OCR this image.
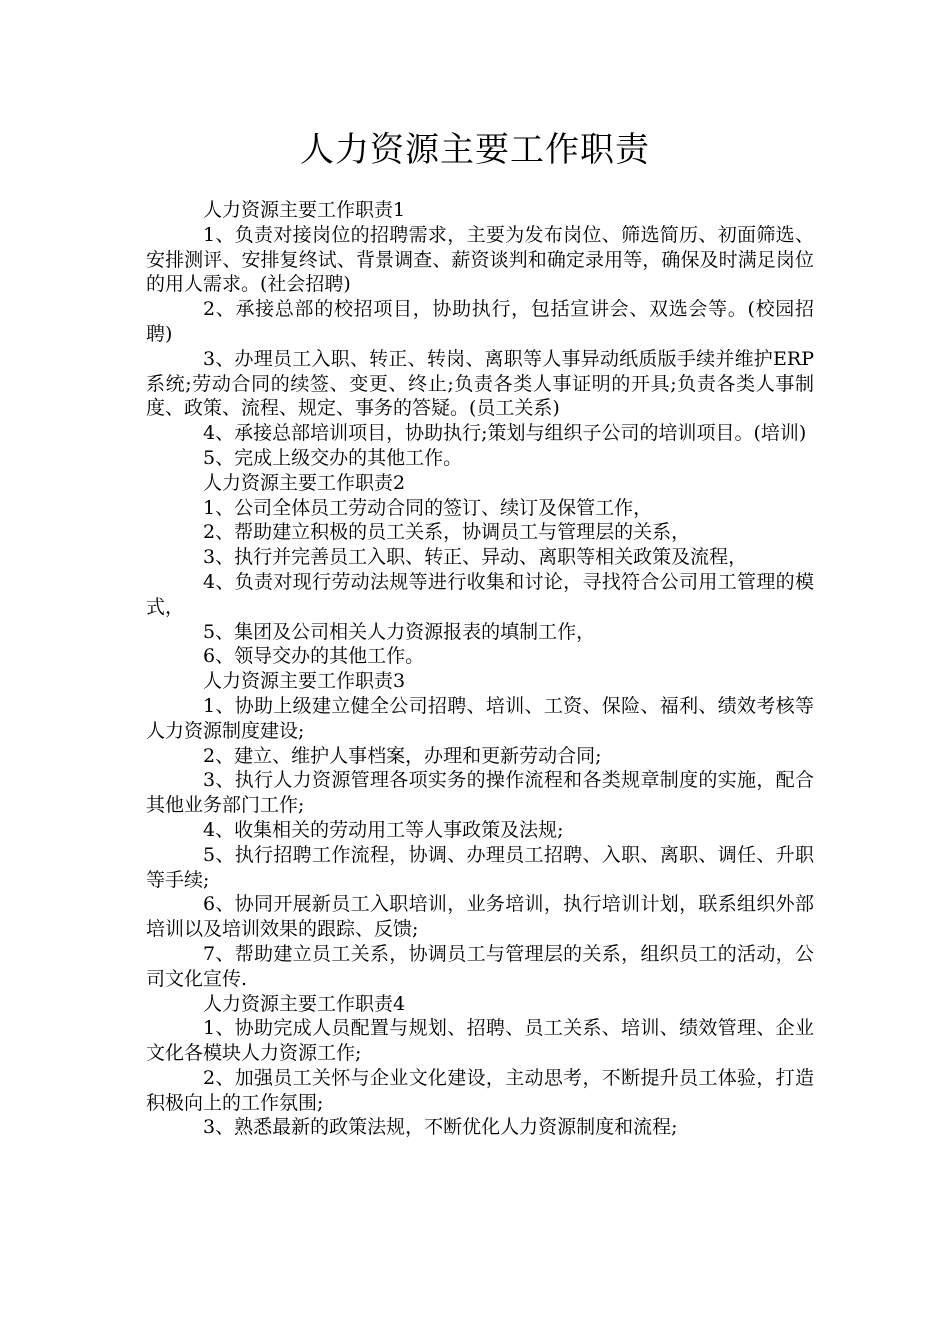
人力资源主要工作职责

人力资源主要工作职责1

1、负责对接岗位的招聘需求，主要为发布岗位、筛选简历、初面筛选、安排测评、安排复终试、背景调查、薪资谈判和确定录用等，确保及时满足岗位的用人需求。(社会招聘)

2、承接总部的校招项目，协助执行，包括宣讲会、双选会等。(校园招聘)

3、办理员工入职、转正、转岗、离职等人事异动纸质版手续并维护ERP系统;劳动合同的续签、变更、终止;负责各类人事证明的开具;负责各类人事制度、政策、流程、规定、事务的答疑。(员工关系)

4、承接总部培训项目，协助执行;策划与组织子公司的培训项目。(培训)

5、完成上级交办的其他工作。

人力资源主要工作职责2

1、公司全体员工劳动合同的签订、续订及保管工作，

2、帮助建立积极的员工关系，协调员工与管理层的关系，

3、执行并完善员工入职、转正、异动、离职等相关政策及流程，

4、负责对现行劳动法规等进行收集和讨论，寻找符合公司用工管理的模式，

5、集团及公司相关人力资源报表的填制工作，

6、领导交办的其他工作。

人力资源主要工作职责3

1、协助上级建立健全公司招聘、培训、工资、保险、福利、绩效考核等人力资源制度建设;

2、建立、维护人事档案，办理和更新劳动合同;

3、执行人力资源管理各项实务的操作流程和各类规章制度的实施，配合其他业务部门工作;

4、收集相关的劳动用工等人事政策及法规;

5、执行招聘工作流程，协调、办理员工招聘、入职、离职、调任、升职等手续;

6、协同开展新员工入职培训，业务培训，执行培训计划，联系组织外部培训以及培训效果的跟踪、反馈;

7、帮助建立员工关系，协调员工与管理层的关系，组织员工的活动，公司文化宣传.

人力资源主要工作职责4

1、协助完成人员配置与规划、招聘、员工关系、培训、绩效管理、企业文化各模块人力资源工作;

2、加强员工关怀与企业文化建设，主动思考，不断提升员工体验，打造积极向上的工作氛围;

3、熟悉最新的政策法规，不断优化人力资源制度和流程;
